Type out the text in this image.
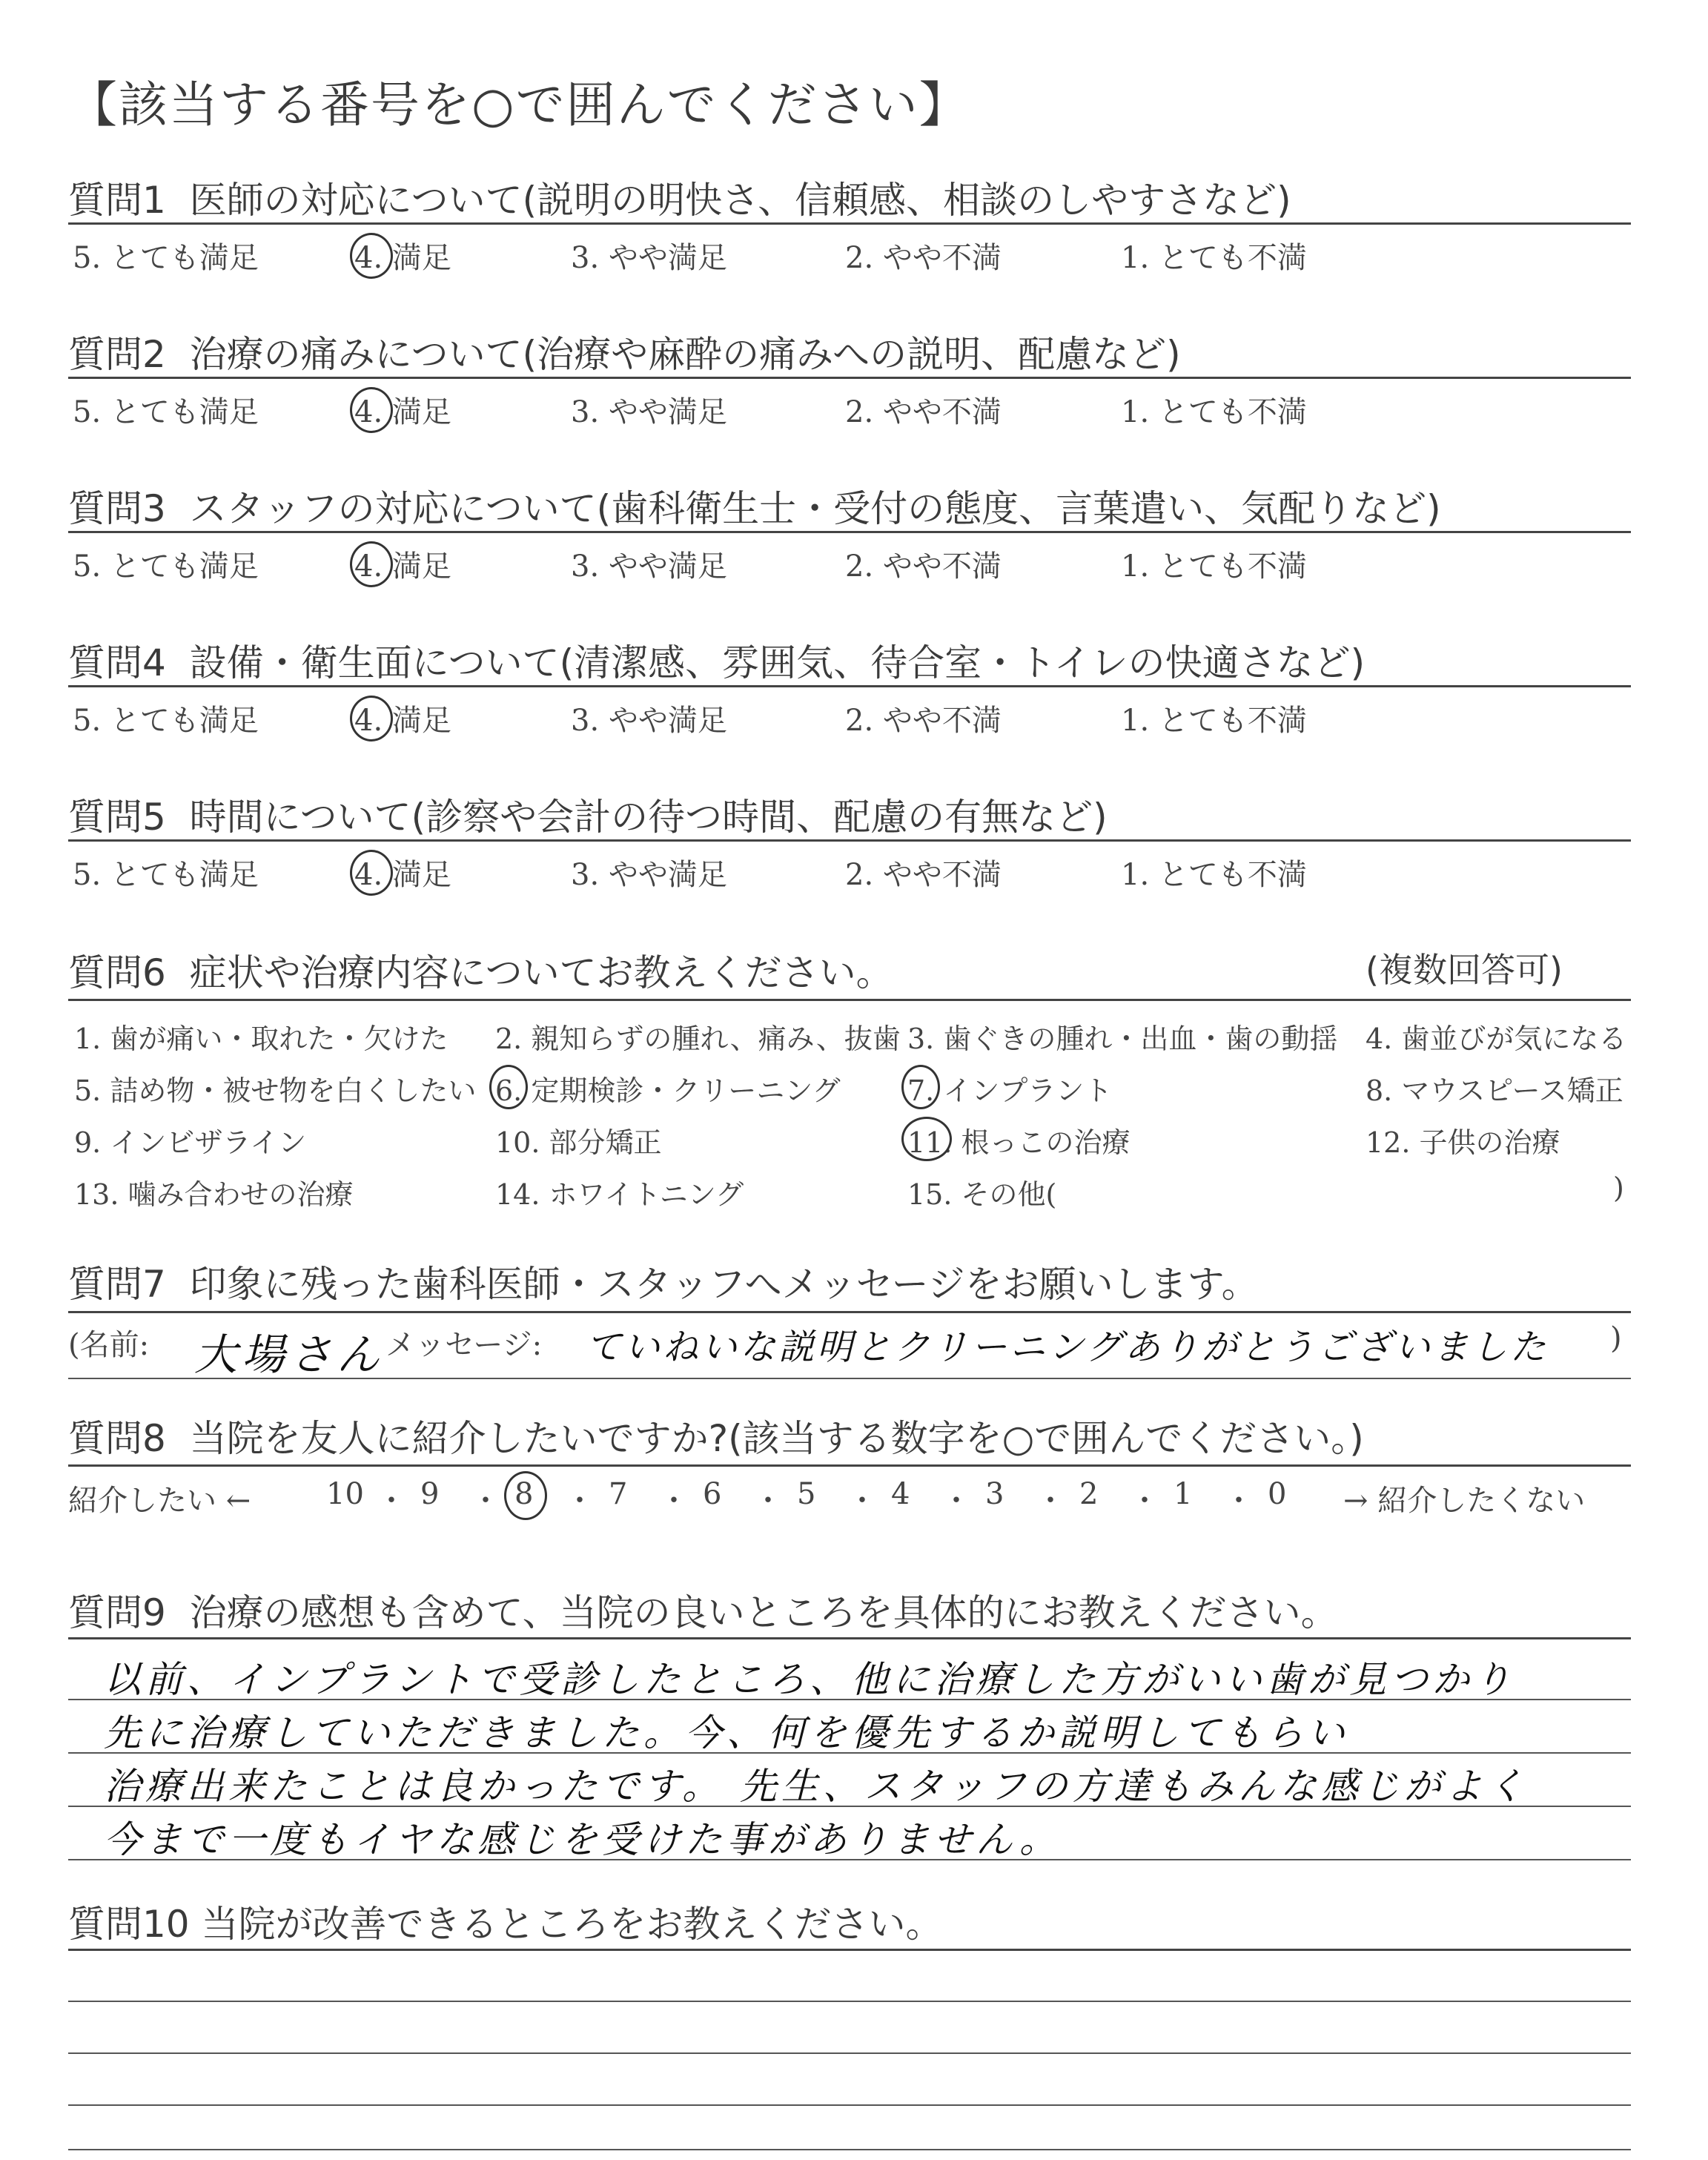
【該当する番号を○で囲んでください】
質問1 医師の対応について(説明の明快さ、信頼感、相談のしやすさなど)
5. とても満足	4. 満足	3. やや満足	2. やや不満	1. とても不満
質問2 治療の痛みについて(治療や麻酔の痛みへの説明、配慮など)
5. とても満足	4. 満足	3. やや満足	2. やや不満	1. とても不満
質問3 スタッフの対応について(歯科衛生士・受付の態度、言葉遣い、気配りなど)
5. とても満足	4. 満足	3. やや満足	2. やや不満	1. とても不満
質問4 設備・衛生面について(清潔感、雰囲気、待合室・トイレの快適さなど)
5. とても満足	4. 満足	3. やや満足	2. やや不満	1. とても不満
質問5 時間について(診察や会計の待つ時間、配慮の有無など)
5. とても満足	4. 満足	3. やや満足	2. やや不満	1. とても不満
質問6 症状や治療内容についてお教えください。	(複数回答可)
1. 歯が痛い・取れた・欠けた 2. 親知らずの腫れ、痛み、抜歯 3. 歯ぐきの腫れ・出血・歯の動揺 4. 歯並びが気になる
5. 詰め物・被せ物を白くしたい 6. 定期検診・クリーニング 7. インプラント	8. マウスピース矯正
9. インビザライン	10. 部分矯正	11. 根っこの治療	12. 子供の治療
13. 噛み合わせの治療	14. ホワイトニング	15. その他(	)
質問7 印象に残った歯科医師・スタッフへメッセージをお願いします。
(名前: 大場さん メッセージ: ていねいな説明とクリーニングありがとうございました )
質問8 当院を友人に紹介したいですか?(該当する数字を○で囲んでください。)
紹介したい ←	10 ・ 9 ・ 8 ・ 7 ・ 6 ・ 5 ・ 4 ・ 3 ・ 2 ・ 1 ・ 0 → 紹介したくない
質問9 治療の感想も含めて、当院の良いところを具体的にお教えください。
以前、インプラントで受診したところ、他に治療した方がいい歯が見つかり
先に治療していただきました。今、何を優先するか説明してもらい
治療出来たことは良かったです。 先生、スタッフの方達もみんな感じがよく
今まで一度もイヤな感じを受けた事がありません。
質問10 当院が改善できるところをお教えください。
